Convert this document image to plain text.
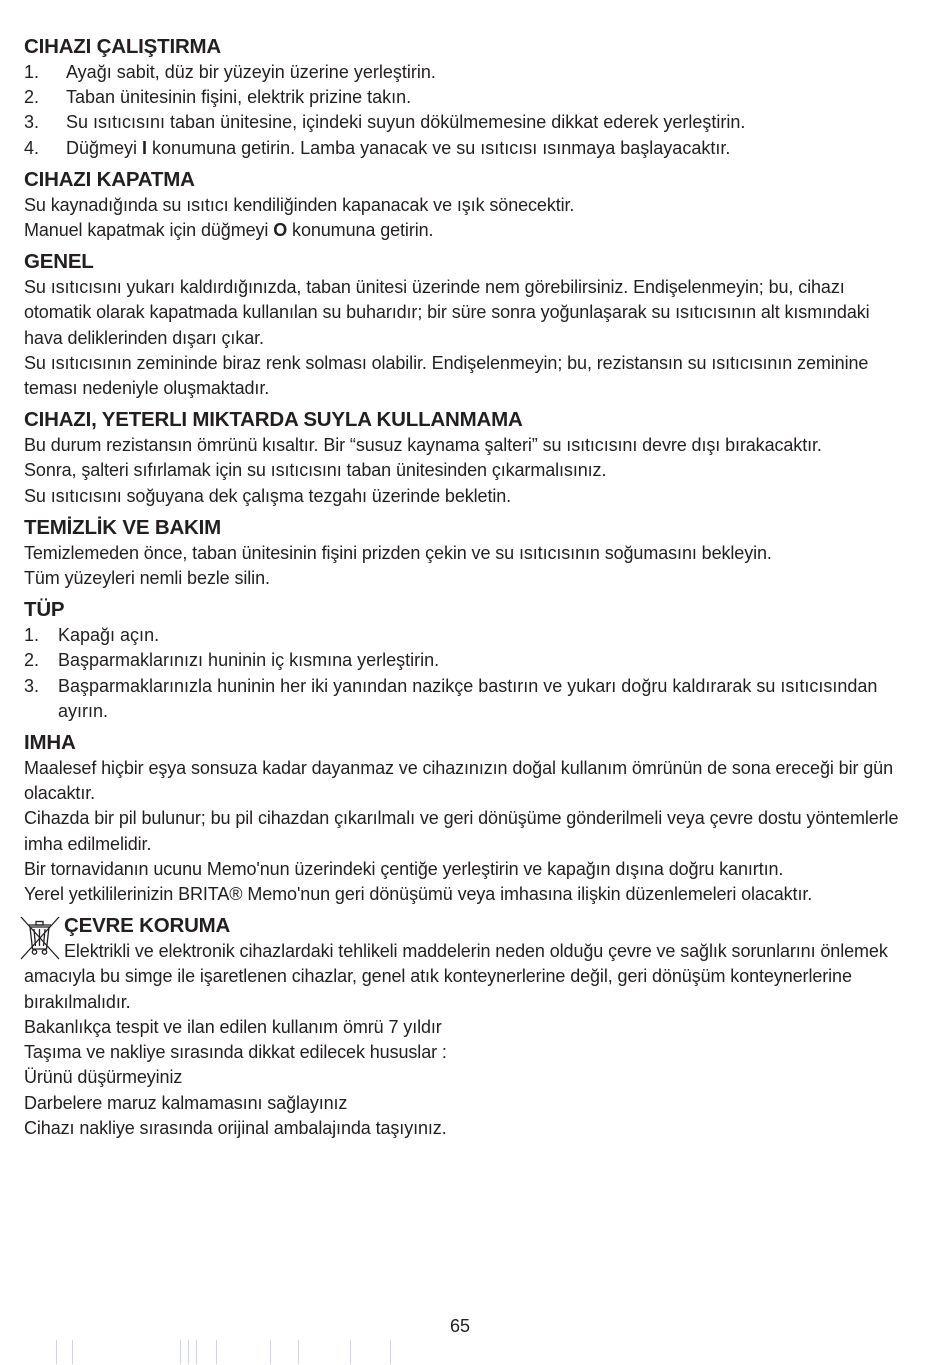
CIHAZI ÇALIŞTIRMA
1. Ayağı sabit, düz bir yüzeyin üzerine yerleştirin.
2. Taban ünitesinin fişini, elektrik prizine takın.
3. Su ısıtıcısını taban ünitesine, içindeki suyun dökülmemesine dikkat ederek yerleştirin.
4. Düğmeyi I konumuna getirin. Lamba yanacak ve su ısıtıcısı ısınmaya başlayacaktır.
CIHAZI KAPATMA

Su kaynadığında su ısıtıcı kendiliğinden kapanacak ve ışık sönecektir.

Manuel kapatmak için düğmeyi O konumuna getirin.

GENEL

Su ısıtıcısını yukarı kaldırdığınızda, taban ünitesi üzerinde nem görebilirsiniz. Endişelenmeyin; bu, cihazı otomatik olarak kapatmada kullanılan su buharıdır; bir süre sonra yoğunlaşarak su ısıtıcısının alt kısmındaki hava deliklerinden dışarı çıkar.

Su ısıtıcısının zemininde biraz renk solması olabilir. Endişelenmeyin; bu, rezistansın su ısıtıcısının zeminine teması nedeniyle oluşmaktadır.

CIHAZI, YETERLI MIKTARDA SUYLA KULLANMAMA

Bu durum rezistansın ömrünü kısaltır. Bir “susuz kaynama şalteri” su ısıtıcısını devre dışı bırakacaktır.

Sonra, şalteri sıfırlamak için su ısıtıcısını taban ünitesinden çıkarmalısınız.

Su ısıtıcısını soğuyana dek çalışma tezgahı üzerinde bekletin.

TEMİZLİK VE BAKIM

Temizlemeden önce, taban ünitesinin fişini prizden çekin ve su ısıtıcısının soğumasını bekleyin.

Tüm yüzeyleri nemli bezle silin.

TÜP
1. Kapağı açın.
2. Başparmaklarınızı huninin iç kısmına yerleştirin.
3. Başparmaklarınızla huninin her iki yanından nazikçe bastırın ve yukarı doğru kaldırarak su ısıtıcısından ayırın.
IMHA

Maalesef hiçbir eşya sonsuza kadar dayanmaz ve cihazınızın doğal kullanım ömrünün de sona ereceği bir gün olacaktır.

Cihazda bir pil bulunur; bu pil cihazdan çıkarılmalı ve geri dönüşüme gönderilmeli veya çevre dostu yöntemlerle imha edilmelidir.

Bir tornavidanın ucunu Memo'nun üzerindeki çentiğe yerleştirin ve kapağın dışına doğru kanırtın.

Yerel yetkililerinizin BRITA® Memo'nun geri dönüşümü veya imhasına ilişkin düzenlemeleri olacaktır.

ÇEVRE KORUMA

Elektrikli ve elektronik cihazlardaki tehlikeli maddelerin neden olduğu çevre ve sağlık sorunlarını önlemek amacıyla bu simge ile işaretlenen cihazlar, genel atık konteynerlerine değil, geri dönüşüm konteynerlerine bırakılmalıdır.

Bakanlıkça tespit ve ilan edilen kullanım ömrü 7 yıldır

Taşıma ve nakliye sırasında dikkat edilecek hususlar :

Ürünü düşürmeyiniz

Darbelere maruz kalmamasını sağlayınız

Cihazı nakliye sırasında orijinal ambalajında taşıyınız.

65
